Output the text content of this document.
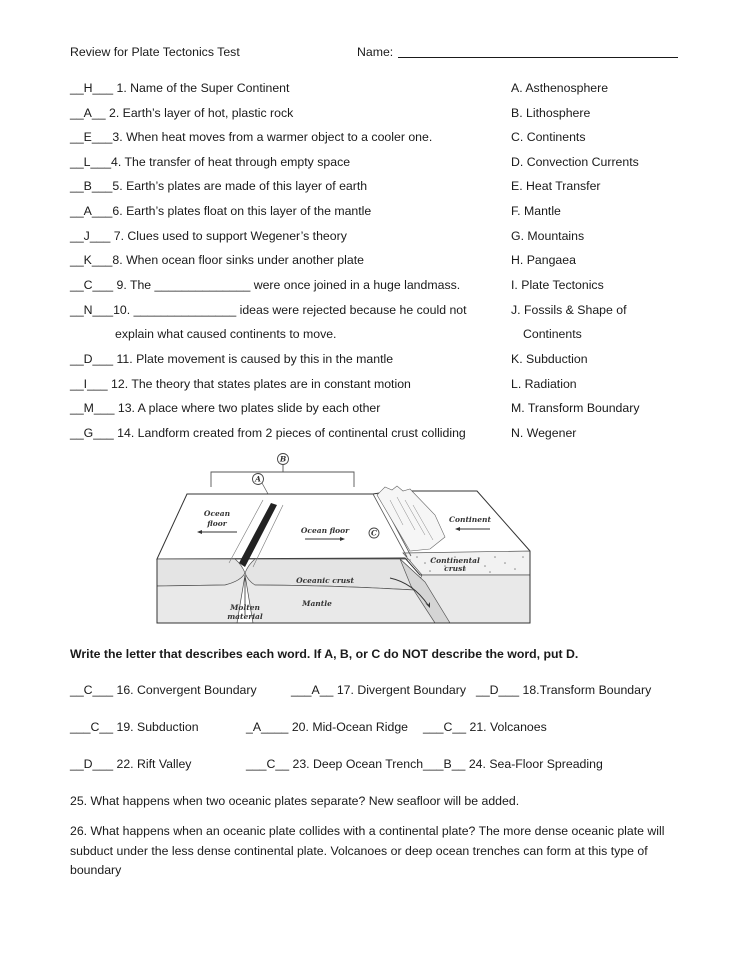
Review for Plate Tectonics Test	Name:
__H___ 1. Name of the Super Continent
__A__ 2. Earth’s layer of hot, plastic rock
__E___3. When heat moves from a warmer object to a cooler one.
__L___4. The transfer of heat through empty space
__B___5. Earth’s plates are made of this layer of earth
__A___6. Earth’s plates float on this layer of the mantle
__J___ 7. Clues used to support Wegener’s theory
__K___8. When ocean floor sinks under another plate
__C___ 9. The ______________ were once joined in a huge landmass.
__N___10. _______________ ideas were rejected because he could not
explain what caused continents to move.
__D___ 11. Plate movement is caused by this in the mantle
__I___ 12. The theory that states plates are in constant motion
__M___ 13. A place where two plates slide by each other
__G___ 14. Landform created from 2 pieces of continental crust colliding
A. Asthenosphere
B. Lithosphere
C. Continents
D. Convection Currents
E. Heat Transfer
F. Mantle
G. Mountains
H. Pangaea
I. Plate Tectonics
J. Fossils & Shape of
Continents
K. Subduction
L. Radiation
M. Transform Boundary
N. Wegener
B
A
C
Ocean
floor
Ocean floor
Continent
Continental
crust
Oceanic crust
Mantle
Molten
material
Write the letter that describes each word. If A, B, or C do NOT describe the word, put D.
__C___ 16. Convergent Boundary	___A__ 17. Divergent Boundary __D___ 18.Transform Boundary
___C__ 19. Subduction	_A____ 20. Mid-Ocean Ridge ___C__ 21. Volcanoes
__D___ 22. Rift Valley	___C__ 23. Deep Ocean Trench ___B__ 24. Sea-Floor Spreading
25. What happens when two oceanic plates separate? New seafloor will be added.
26. What happens when an oceanic plate collides with a continental plate? The more dense oceanic plate will
subduct under the less dense continental plate. Volcanoes or deep ocean trenches can form at this type of
boundary
